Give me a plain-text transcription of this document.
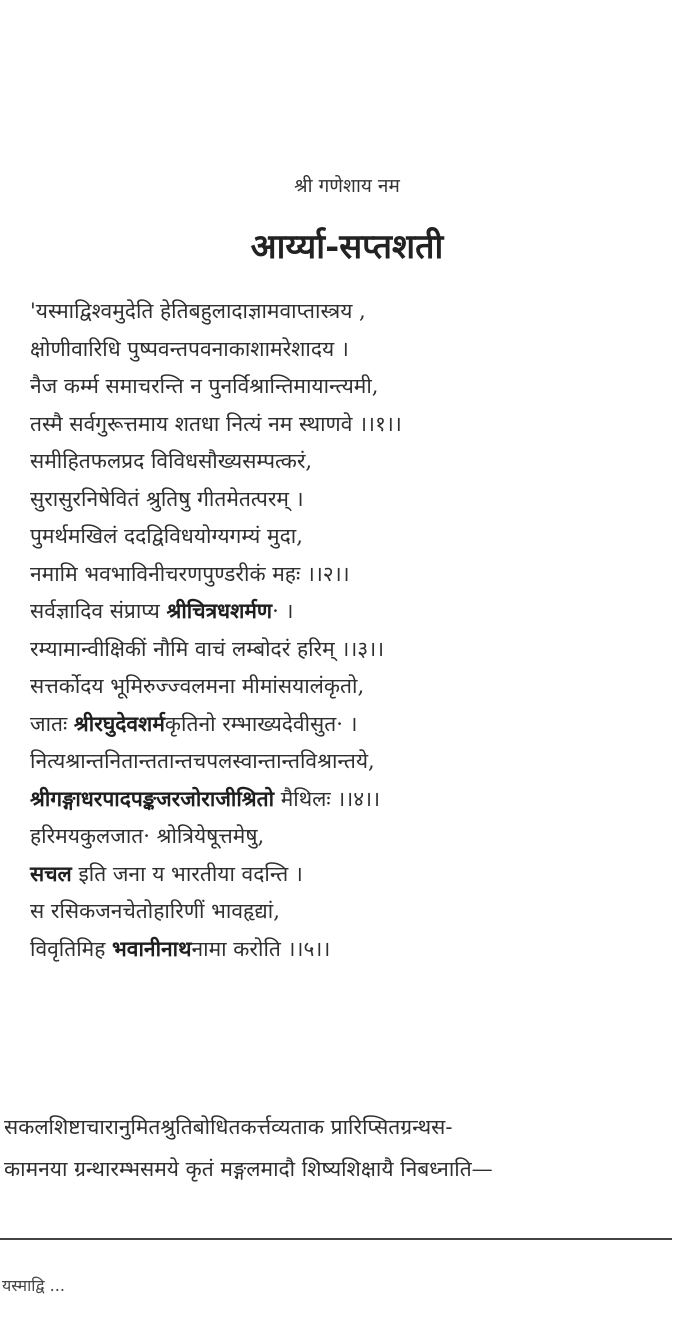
श्री गणेशाय नम
आर्य्या-सप्तशती
'यस्माद्विश्वमुदेति हेतिबहुलादाज्ञामवाप्तास्त्रय ,
क्षोणीवारिधि पुष्पवन्तपवनाकाशामरेशादय ।
नैज कर्म्म समाचरन्ति न पुनर्विश्रान्तिमायान्त्यमी,
तस्मै सर्वगुरूत्तमाय शतधा नित्यं नम स्थाणवे ।।१।।
समीहितफलप्रद विविधसौख्यसम्पत्करं,
सुरासुरनिषेवितं श्रुतिषु गीतमेतत्परम् ।
पुमर्थमखिलं ददद्विविधयोग्यगम्यं मुदा,
नमामि भवभाविनीचरणपुण्डरीकं महः ।।२।।
सर्वज्ञादिव संप्राप्य श्रीचित्रधशर्मण· ।
रम्यामान्वीक्षिकीं नौमि वाचं लम्बोदरं हरिम् ।।३।।
सत्तर्कोदय भूमिरुज्ज्वलमना मीमांसयालंकृतो,
जातः श्रीरघुदेवशर्मकृतिनो रम्भाख्यदेवीसुत· ।
नित्यश्रान्तनितान्ततान्तचपलस्वान्तान्तविश्रान्तये,
श्रीगङ्गाधरपादपङ्कजरजोराजीश्रितो मैथिलः ।।४।।
हरिमयकुलजात· श्रोत्रियेषूत्तमेषु,
सचल इति जना य भारतीया वदन्ति ।
स रसिकजनचेतोहारिणीं भावहृद्यां,
विवृतिमिह भवानीनाथनामा करोति ।।५।।
सकलशिष्टाचारानुमितश्रुतिबोधितकर्त्तव्यताक प्रारिप्सितग्रन्थस-
कामनया ग्रन्थारम्भसमये कृतं मङ्गलमादौ शिष्यशिक्षायै निबध्नाति—
यस्माद्वि ...
